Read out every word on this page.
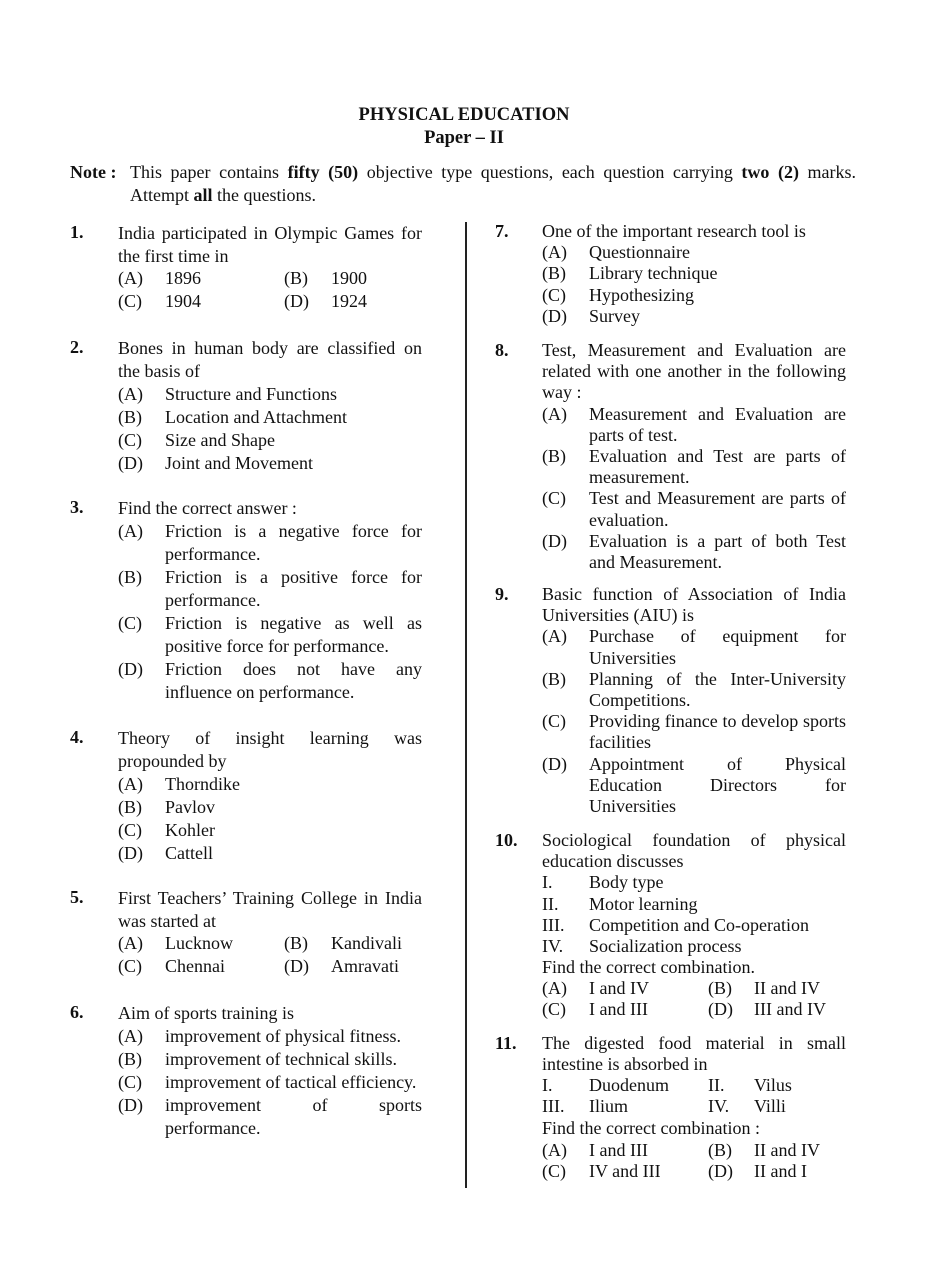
PHYSICAL EDUCATION
Paper – II
Note : This paper contains fifty (50) objective type questions, each question carrying two (2) marks. Attempt all the questions.
1. India participated in Olympic Games for the first time in
(A) 1896	(B) 1900
(C) 1904	(D) 1924
2. Bones in human body are classified on the basis of
(A) Structure and Functions
(B) Location and Attachment
(C) Size and Shape
(D) Joint and Movement
3. Find the correct answer :
(A) Friction is a negative force for performance.
(B) Friction is a positive force for performance.
(C) Friction is negative as well as positive force for performance.
(D) Friction does not have any influence on performance.
4. Theory of insight learning was propounded by
(A) Thorndike
(B) Pavlov
(C) Kohler
(D) Cattell
5. First Teachers’ Training College in India was started at
(A) Lucknow	(B) Kandivali
(C) Chennai	(D) Amravati
6. Aim of sports training is
(A) improvement of physical fitness.
(B) improvement of technical skills.
(C) improvement of tactical efficiency.
(D) improvement of sports performance.
7. One of the important research tool is
(A) Questionnaire
(B) Library technique
(C) Hypothesizing
(D) Survey
8. Test, Measurement and Evaluation are related with one another in the following way :
(A) Measurement and Evaluation are parts of test.
(B) Evaluation and Test are parts of measurement.
(C) Test and Measurement are parts of evaluation.
(D) Evaluation is a part of both Test and Measurement.
9. Basic function of Association of India Universities (AIU) is
(A) Purchase of equipment for Universities
(B) Planning of the Inter-University Competitions.
(C) Providing finance to develop sports facilities
(D) Appointment of Physical Education Directors for Universities
10. Sociological foundation of physical education discusses
I. Body type
II. Motor learning
III. Competition and Co-operation
IV. Socialization process
Find the correct combination.
(A) I and IV	(B) II and IV
(C) I and III	(D) III and IV
11. The digested food material in small intestine is absorbed in
I. Duodenum II. Vilus
III. Ilium	IV. Villi
Find the correct combination :
(A) I and III	(B) II and IV
(C) IV and III	(D) II and I
